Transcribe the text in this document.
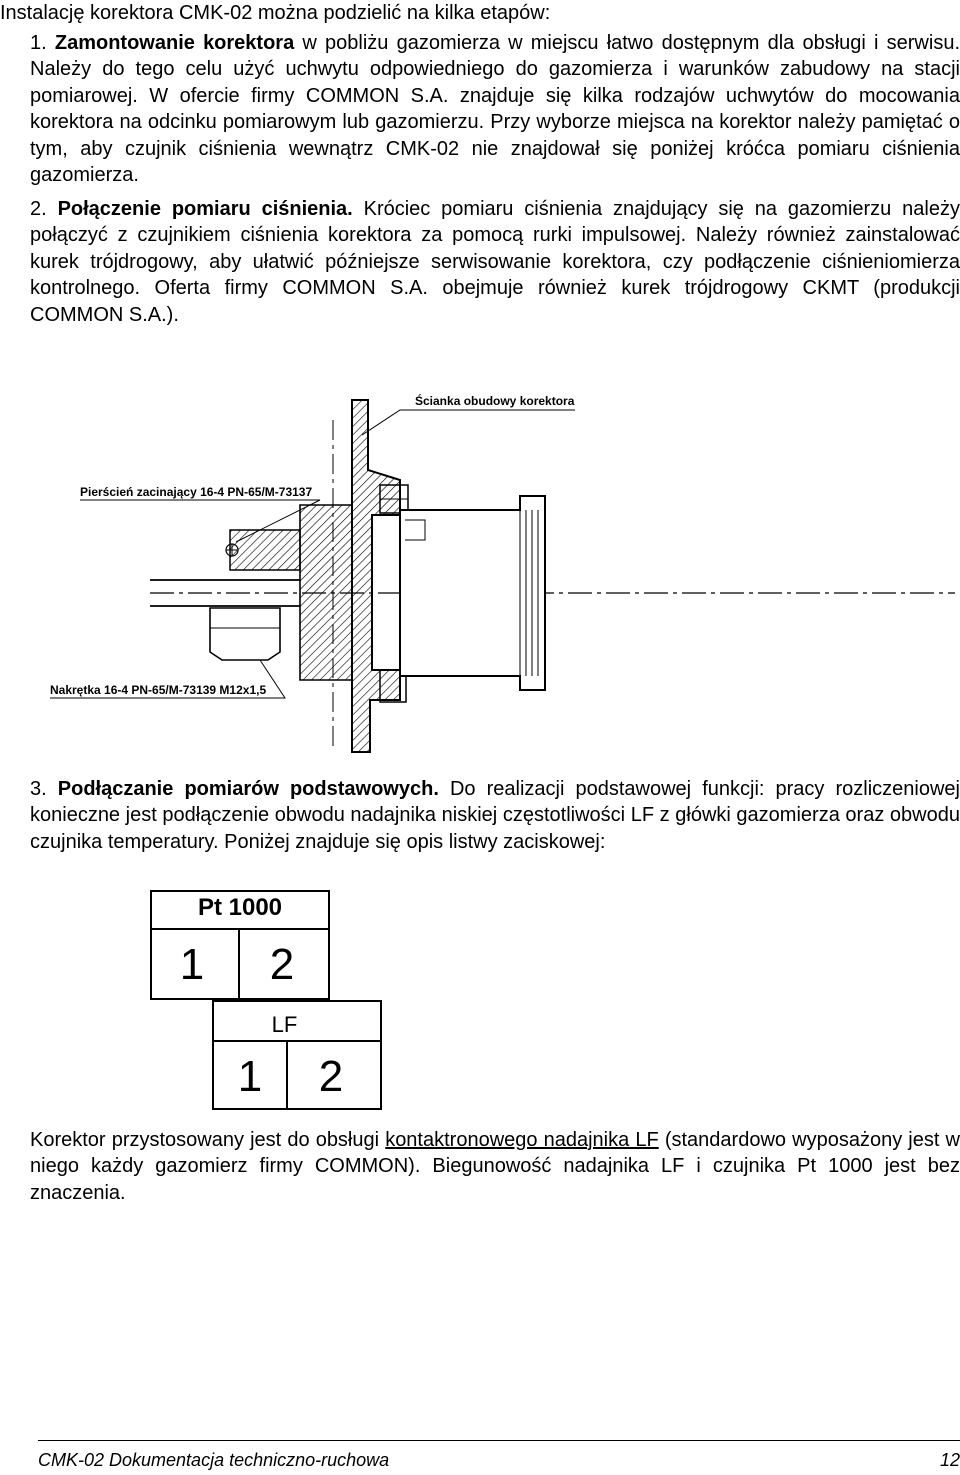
Instalację korektora CMK-02 można podzielić na kilka etapów:
1. Zamontowanie korektora w pobliżu gazomierza w miejscu łatwo dostępnym dla obsługi i serwisu. Należy do tego celu użyć uchwytu odpowiedniego do gazomierza i warunków zabudowy na stacji pomiarowej. W ofercie firmy COMMON S.A. znajduje się kilka rodzajów uchwytów do mocowania korektora na odcinku pomiarowym lub gazomierzu. Przy wyborze miejsca na korektor należy pamiętać o tym, aby czujnik ciśnienia wewnątrz CMK-02 nie znajdował się poniżej króćca pomiaru ciśnienia gazomierza.
2. Połączenie pomiaru ciśnienia. Króciec pomiaru ciśnienia znajdujący się na gazomierzu należy połączyć z czujnikiem ciśnienia korektora za pomocą rurki impulsowej. Należy również zainstalować kurek trójdrogowy, aby ułatwić późniejsze serwisowanie korektora, czy podłączenie ciśnieniomierza kontrolnego. Oferta firmy COMMON S.A. obejmuje również kurek trójdrogowy CKMT (produkcji COMMON S.A.).
Ścianka obudowy korektora
Pierścień zacinający 16-4 PN-65/M-73137
Nakrętka 16-4 PN-65/M-73139 M12x1,5
3. Podłączanie pomiarów podstawowych. Do realizacji podstawowej funkcji: pracy rozliczeniowej konieczne jest podłączenie obwodu nadajnika niskiej częstotliwości LF z główki gazomierza oraz obwodu czujnika temperatury. Poniżej znajduje się opis listwy zaciskowej:
Pt 1000
1	2
LF
1	2
Korektor przystosowany jest do obsługi kontaktronowego nadajnika LF (standardowo wyposażony jest w niego każdy gazomierz firmy COMMON). Biegunowość nadajnika LF i czujnika Pt 1000 jest bez znaczenia.
CMK-02 Dokumentacja techniczno-ruchowa	12
